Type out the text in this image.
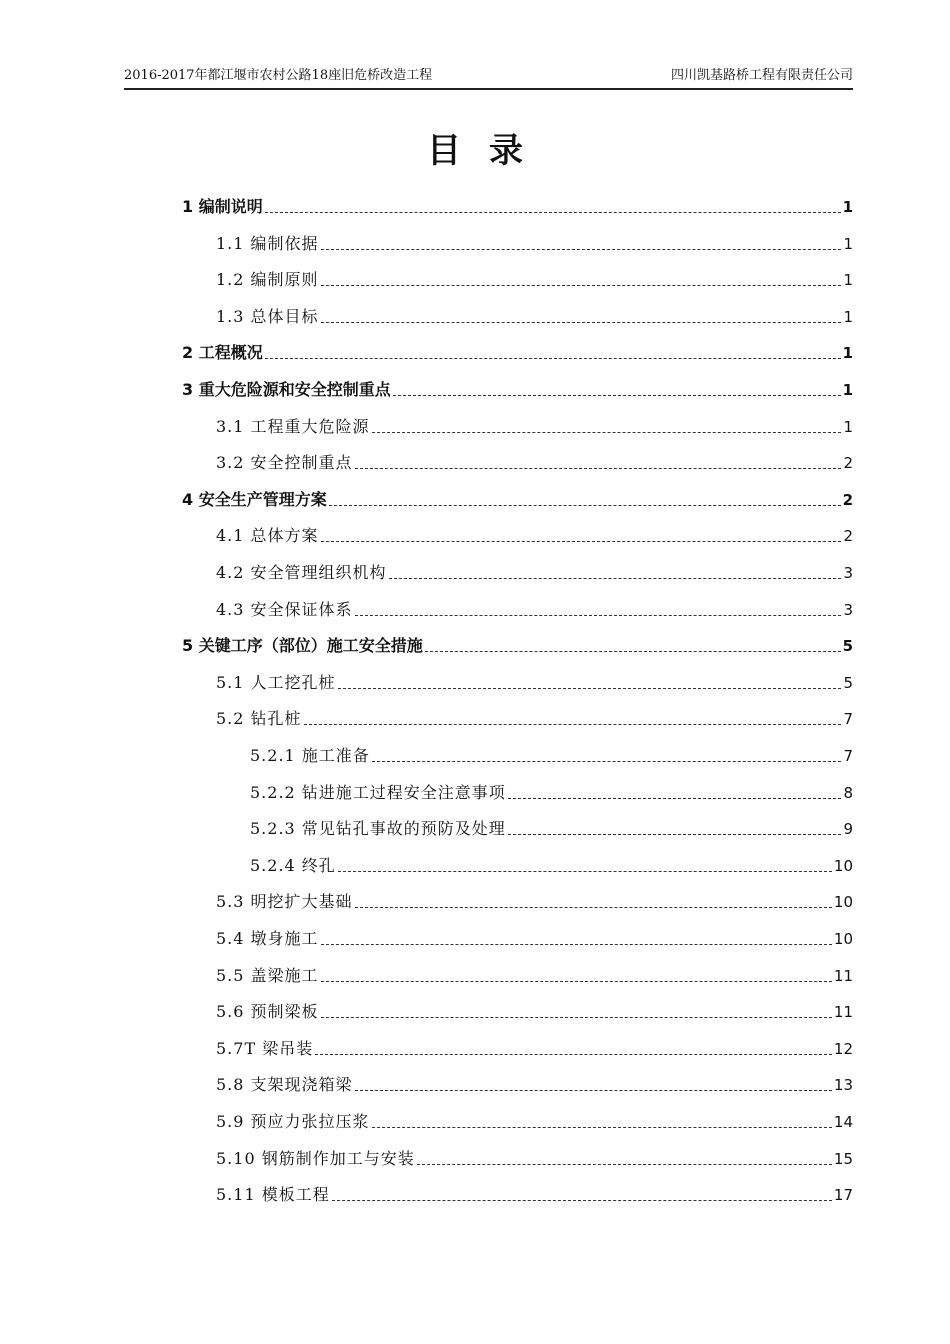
2016-2017年都江堰市农村公路18座旧危桥改造工程	四川凯基路桥工程有限责任公司
目录
1 编制说明	1
1.1 编制依据	1
1.2 编制原则	1
1.3 总体目标	1
2 工程概况	1
3 重大危险源和安全控制重点	1
3.1 工程重大危险源	1
3.2 安全控制重点	2
4 安全生产管理方案	2
4.1 总体方案	2
4.2 安全管理组织机构	3
4.3 安全保证体系	3
5 关键工序（部位）施工安全措施	5
5.1 人工挖孔桩	5
5.2 钻孔桩	7
5.2.1 施工准备	7
5.2.2 钻进施工过程安全注意事项	8
5.2.3 常见钻孔事故的预防及处理	9
5.2.4 终孔	10
5.3 明挖扩大基础	10
5.4 墩身施工	10
5.5 盖梁施工	11
5.6 预制梁板	11
5.7T 梁吊装	12
5.8 支架现浇箱梁	13
5.9 预应力张拉压浆	14
5.10 钢筋制作加工与安装	15
5.11 模板工程	17
